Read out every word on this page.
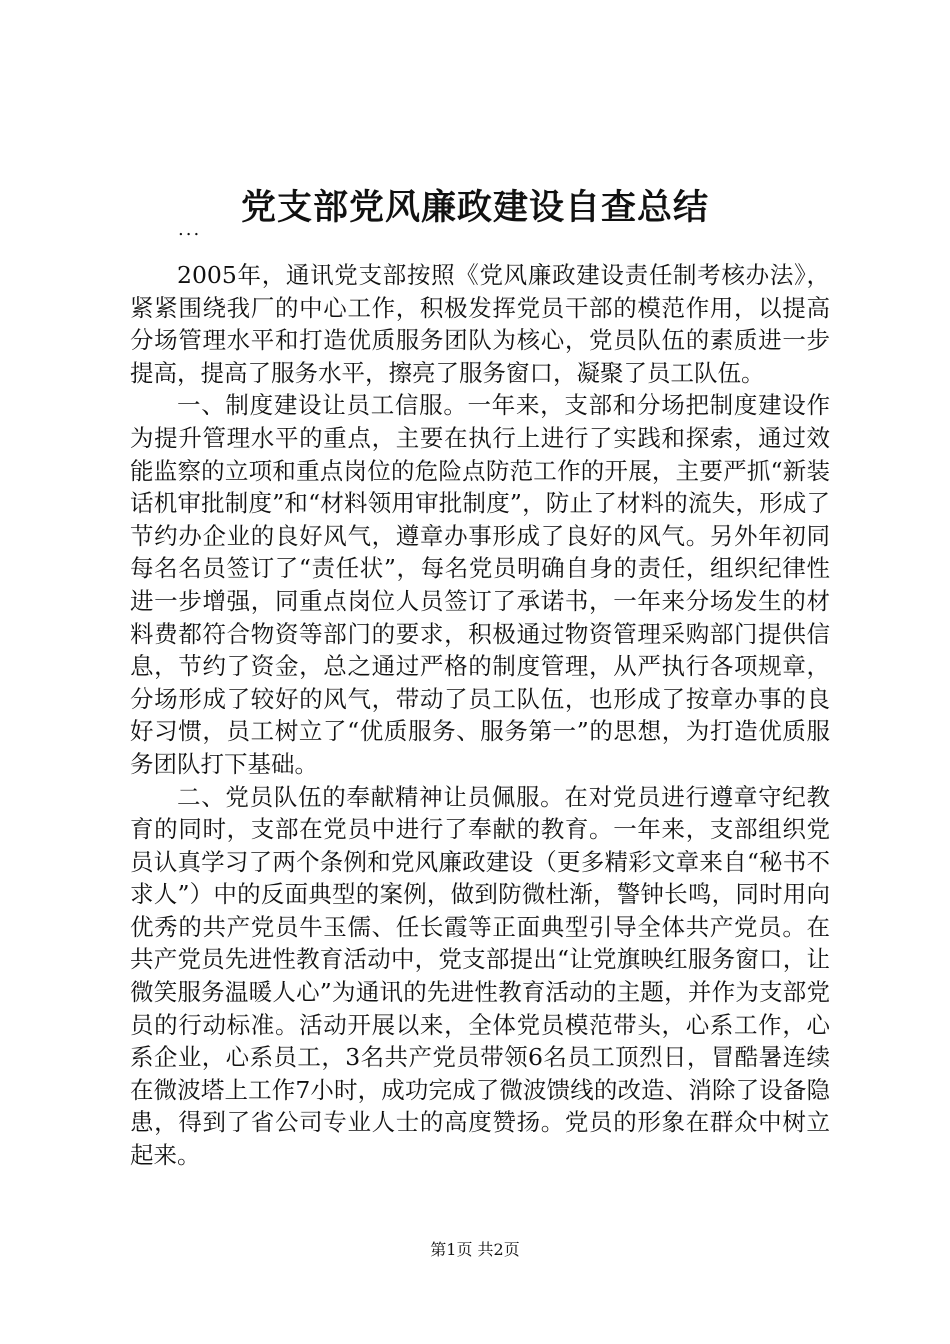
党支部党风廉政建设自查总结
...

2005年，通讯党支部按照《党风廉政建设责任制考核办法》，紧紧围绕我厂的中心工作，积极发挥党员干部的模范作用，以提高分场管理水平和打造优质服务团队为核心，党员队伍的素质进一步提高，提高了服务水平，擦亮了服务窗口，凝聚了员工队伍。

一、制度建设让员工信服。一年来，支部和分场把制度建设作为提升管理水平的重点，主要在执行上进行了实践和探索，通过效能监察的立项和重点岗位的危险点防范工作的开展，主要严抓“新装话机审批制度”和“材料领用审批制度”，防止了材料的流失，形成了节约办企业的良好风气，遵章办事形成了良好的风气。另外年初同每名名员签订了“责任状”，每名党员明确自身的责任，组织纪律性进一步增强，同重点岗位人员签订了承诺书，一年来分场发生的材料费都符合物资等部门的要求，积极通过物资管理采购部门提供信息，节约了资金，总之通过严格的制度管理，从严执行各项规章，分场形成了较好的风气，带动了员工队伍，也形成了按章办事的良好习惯，员工树立了“优质服务、服务第一”的思想，为打造优质服务团队打下基础。

二、党员队伍的奉献精神让员佩服。在对党员进行遵章守纪教育的同时，支部在党员中进行了奉献的教育。一年来，支部组织党员认真学习了两个条例和党风廉政建设（更多精彩文章来自“秘书不求人”）中的反面典型的案例，做到防微杜渐，警钟长鸣，同时用向优秀的共产党员牛玉儒、任长霞等正面典型引导全体共产党员。在共产党员先进性教育活动中，党支部提出“让党旗映红服务窗口，让微笑服务温暖人心”为通讯的先进性教育活动的主题，并作为支部党员的行动标准。活动开展以来，全体党员模范带头，心系工作，心系企业，心系员工，3名共产党员带领6名员工顶烈日，冒酷暑连续在微波塔上工作7小时，成功完成了微波馈线的改造、消除了设备隐患，得到了省公司专业人士的高度赞扬。党员的形象在群众中树立起来。

第1页 共2页
